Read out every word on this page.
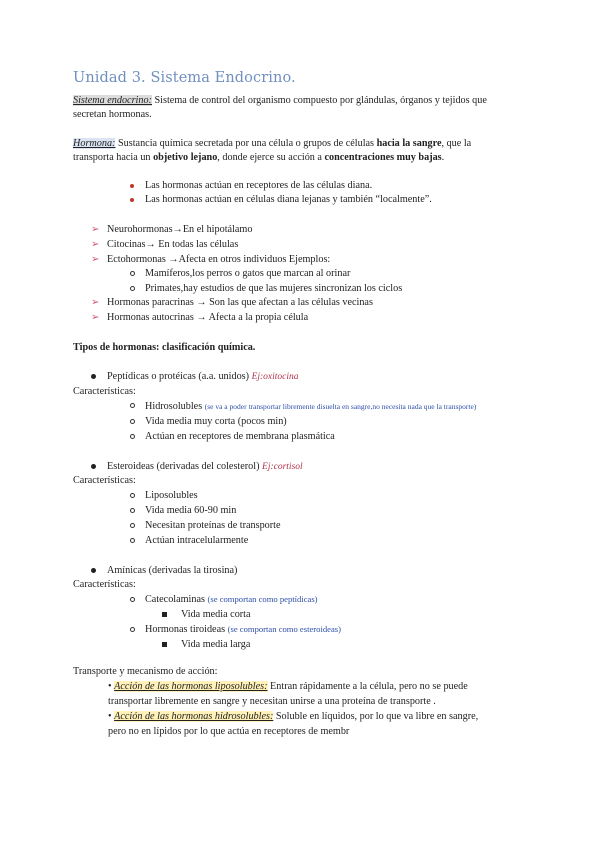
Unidad 3. Sistema Endocrino.
Sistema endocrino: Sistema de control del organismo compuesto por glándulas, órganos y tejidos que
secretan hormonas.
Hormona: Sustancia química secretada por una célula o grupos de células hacia la sangre, que la
transporta hacia un objetivo lejano, donde ejerce su acción a concentraciones muy bajas.
Las hormonas actúan en receptores de las células diana.
Las hormonas actúan en células diana lejanas y también “localmente”.
➢ Neurohormonas→En el hipotálamo
➢ Citocinas→ En todas las células
➢ Ectohormonas →Afecta en otros individuos Ejemplos:
Mamíferos,los perros o gatos que marcan al orinar
Primates,hay estudios de que las mujeres sincronizan los ciclos
➢ Hormonas paracrinas → Son las que afectan a las células vecinas
➢ Hormonas autocrinas → Afecta a la propia célula
Tipos de hormonas: clasificación química.
Peptídicas o protéicas (a.a. unidos) Ej:oxitocina
Características:
Hidrosolubles (se va a poder transportar libremente disuelta en sangre,no necesita nada que la transporte)
Vida media muy corta (pocos min)
Actúan en receptores de membrana plasmática
Esteroideas (derivadas del colesterol) Ej:cortisol
Características:
Liposolubles
Vida media 60-90 min
Necesitan proteínas de transporte
Actúan intracelularmente
Amínicas (derivadas la tirosina)
Características:
Catecolaminas (se comportan como peptídicas)
Vida media corta
Hormonas tiroideas (se comportan como esteroideas)
Vida media larga
Transporte y mecanismo de acción:
• Acción de las hormonas liposolubles: Entran rápidamente a la célula, pero no se puede
transportar libremente en sangre y necesitan unirse a una proteína de transporte .
• Acción de las hormonas hidrosolubles: Soluble en líquidos, por lo que va libre en sangre,
pero no en lípidos por lo que actúa en receptores de membr
